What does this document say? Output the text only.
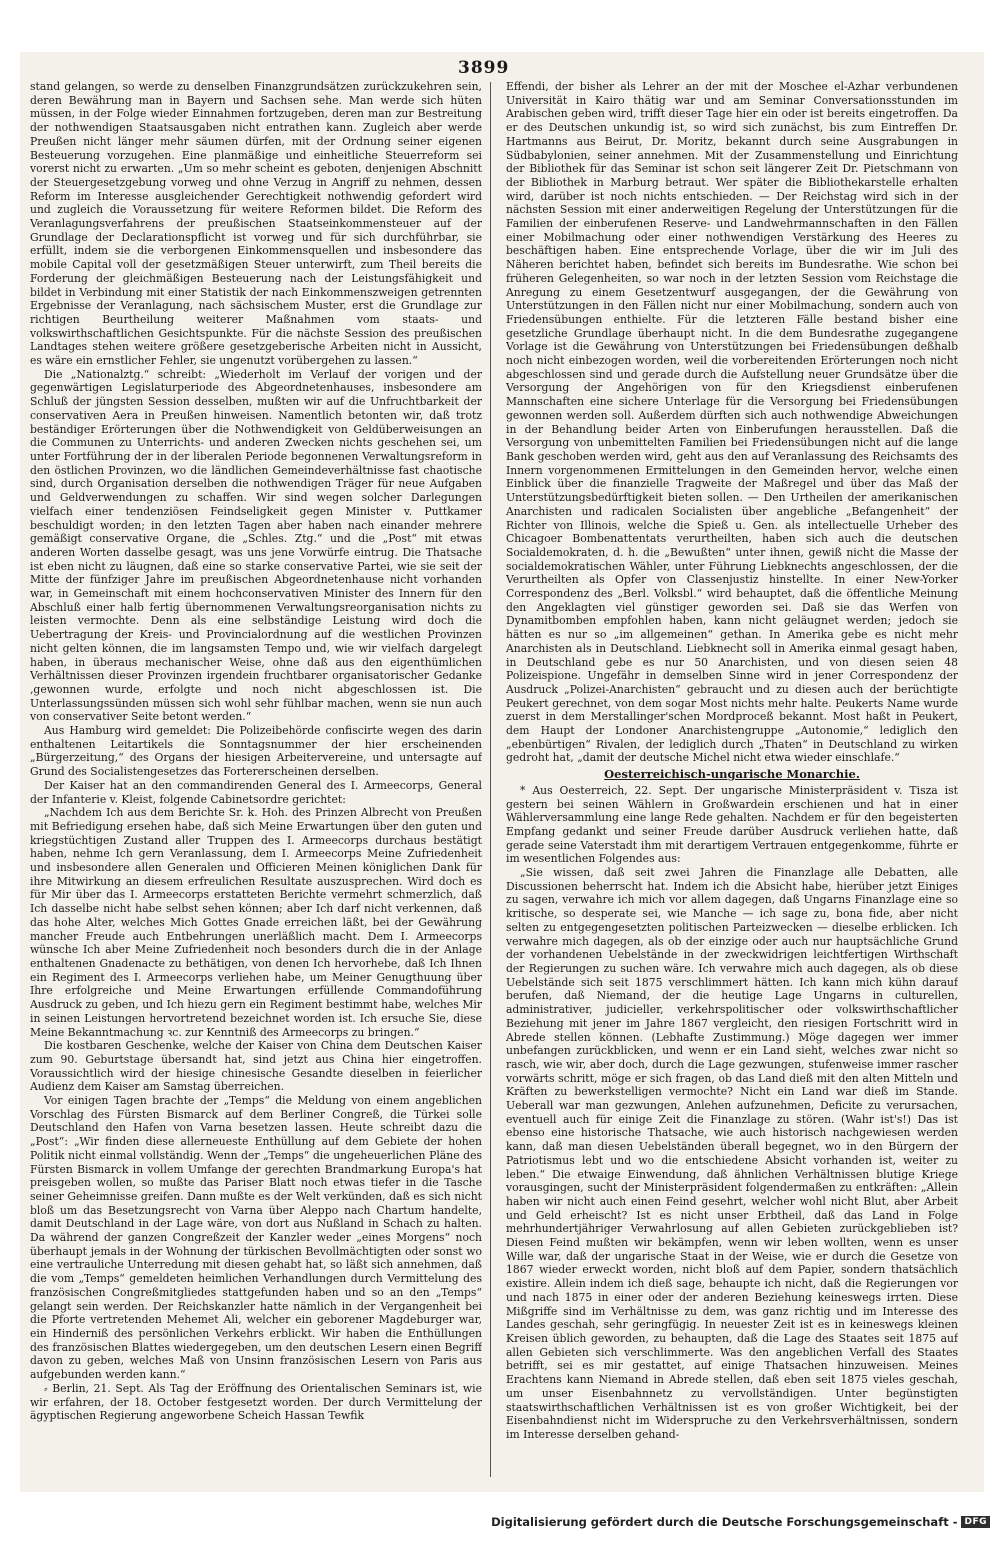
3899

stand gelangen, so werde zu denselben Finanzgrundsätzen zurückzukehren sein, deren Bewährung man in Bayern und Sachsen sehe. Man werde sich hüten müssen, in der Folge wieder Einnahmen fortzugeben, deren man zur Bestreitung der nothwendigen Staatsausgaben nicht entrathen kann. Zugleich aber werde Preußen nicht länger mehr säumen dürfen, mit der Ordnung seiner eigenen Besteuerung vorzugehen. Eine planmäßige und einheitliche Steuerreform sei vorerst nicht zu erwarten. „Um so mehr scheint es geboten, denjenigen Abschnitt der Steuergesetzgebung vorweg und ohne Verzug in Angriff zu nehmen, dessen Reform im Interesse ausgleichender Gerechtigkeit nothwendig gefordert wird und zugleich die Voraussetzung für weitere Reformen bildet. Die Reform des Veranlagungsverfahrens der preußischen Staatseinkommensteuer auf der Grundlage der Declarationspflicht ist vorweg und für sich durchführbar, sie erfüllt, indem sie die verborgenen Einkommensquellen und insbesondere das mobile Capital voll der gesetzmäßigen Steuer unterwirft, zum Theil bereits die Forderung der gleichmäßigen Besteuerung nach der Leistungsfähigkeit und bildet in Verbindung mit einer Statistik der nach Einkommenszweigen getrennten Ergebnisse der Veranlagung, nach sächsischem Muster, erst die Grundlage zur richtigen Beurtheilung weiterer Maßnahmen vom staats- und volkswirthschaftlichen Gesichtspunkte. Für die nächste Session des preußischen Landtages stehen weitere größere gesetzgeberische Arbeiten nicht in Aussicht, es wäre ein ernstlicher Fehler, sie ungenutzt vorübergehen zu lassen.“

Die „Nationalztg.“ schreibt: „Wiederholt im Verlauf der vorigen und der gegenwärtigen Legislaturperiode des Abgeordnetenhauses, insbesondere am Schluß der jüngsten Session desselben, mußten wir auf die Unfruchtbarkeit der conservativen Aera in Preußen hinweisen. Namentlich betonten wir, daß trotz beständiger Erörterungen über die Nothwendigkeit von Geldüberweisungen an die Communen zu Unterrichts- und anderen Zwecken nichts geschehen sei, um unter Fortführung der in der liberalen Periode begonnenen Verwaltungsreform in den östlichen Provinzen, wo die ländlichen Gemeindeverhältnisse fast chaotische sind, durch Organisation derselben die nothwendigen Träger für neue Aufgaben und Geldverwendungen zu schaffen. Wir sind wegen solcher Darlegungen vielfach einer tendenziösen Feindseligkeit gegen Minister v. Puttkamer beschuldigt worden; in den letzten Tagen aber haben nach einander mehrere gemäßigt conservative Organe, die „Schles. Ztg.“ und die „Post“ mit etwas anderen Worten dasselbe gesagt, was uns jene Vorwürfe eintrug. Die Thatsache ist eben nicht zu läugnen, daß eine so starke conservative Partei, wie sie seit der Mitte der fünfziger Jahre im preußischen Abgeordnetenhause nicht vorhanden war, in Gemeinschaft mit einem hochconservativen Minister des Innern für den Abschluß einer halb fertig übernommenen Verwaltungsreorganisation nichts zu leisten vermochte. Denn als eine selbständige Leistung wird doch die Uebertragung der Kreis- und Provincialordnung auf die westlichen Provinzen nicht gelten können, die im langsamsten Tempo und, wie wir vielfach dargelegt haben, in überaus mechanischer Weise, ohne daß aus den eigenthümlichen Verhältnissen dieser Provinzen irgendein fruchtbarer organisatorischer Gedanke ‚gewonnen wurde, erfolgte und noch nicht abgeschlossen ist. Die Unterlassungssünden müssen sich wohl sehr fühlbar machen, wenn sie nun auch von conservativer Seite betont werden.“

Aus Hamburg wird gemeldet: Die Polizeibehörde confiscirte wegen des darin enthaltenen Leitartikels die Sonntagsnummer der hier erscheinenden „Bürgerzeitung,“ des Organs der hiesigen Arbeitervereine, und untersagte auf Grund des Socialistengesetzes das Fortererscheinen derselben.

Der Kaiser hat an den commandirenden General des I. Armeecorps, General der Infanterie v. Kleist, folgende Cabinetsordre gerichtet:

„Nachdem Ich aus dem Berichte Sr. k. Hoh. des Prinzen Albrecht von Preußen mit Befriedigung ersehen habe, daß sich Meine Erwartungen über den guten und kriegstüchtigen Zustand aller Truppen des I. Armeecorps durchaus bestätigt haben, nehme Ich gern Veranlassung, dem I. Armeecorps Meine Zufriedenheit und insbesondere allen Generalen und Officieren Meinen königlichen Dank für ihre Mitwirkung an diesem erfreulichen Resultate auszusprechen. Wird doch es für Mir über das I. Armeecorps erstatteten Berichte vermehrt schmerzlich, daß Ich dasselbe nicht habe selbst sehen können; aber Ich darf nicht verkennen, daß das hohe Alter, welches Mich Gottes Gnade erreichen läßt, bei der Gewährung mancher Freude auch Entbehrungen unerläßlich macht. Dem I. Armeecorps wünsche Ich aber Meine Zufriedenheit noch besonders durch die in der Anlage enthaltenen Gnadenacte zu bethätigen, von denen Ich hervorhebe, daß Ich Ihnen ein Regiment des I. Armeecorps verliehen habe, um Meiner Genugthuung über Ihre erfolgreiche und Meine Erwartungen erfüllende Commandoführung Ausdruck zu geben, und Ich hiezu gern ein Regiment bestimmt habe, welches Mir in seinen Leistungen hervortretend bezeichnet worden ist. Ich ersuche Sie, diese Meine Bekanntmachung ꝛc. zur Kenntniß des Armeecorps zu bringen.“

Die kostbaren Geschenke, welche der Kaiser von China dem Deutschen Kaiser zum 90. Geburtstage übersandt hat, sind jetzt aus China hier eingetroffen. Voraussichtlich wird der hiesige chinesische Gesandte dieselben in feierlicher Audienz dem Kaiser am Samstag überreichen.

Vor einigen Tagen brachte der „Temps“ die Meldung von einem angeblichen Vorschlag des Fürsten Bismarck auf dem Berliner Congreß, die Türkei solle Deutschland den Hafen von Varna besetzen lassen. Heute schreibt dazu die „Post“: „Wir finden diese allerneueste Enthüllung auf dem Gebiete der hohen Politik nicht einmal vollständig. Wenn der „Temps“ die ungeheuerlichen Pläne des Fürsten Bismarck in vollem Umfange der gerechten Brandmarkung Europa's hat preisgeben wollen, so mußte das Pariser Blatt noch etwas tiefer in die Tasche seiner Geheimnisse greifen. Dann mußte es der Welt verkünden, daß es sich nicht bloß um das Besetzungsrecht von Varna über Aleppo nach Chartum handelte, damit Deutschland in der Lage wäre, von dort aus Nußland in Schach zu halten. Da während der ganzen Congreßzeit der Kanzler weder „eines Morgens“ noch überhaupt jemals in der Wohnung der türkischen Bevollmächtigten oder sonst wo eine vertrauliche Unterredung mit diesen gehabt hat, so läßt sich annehmen, daß die vom „Temps“ gemeldeten heimlichen Verhandlungen durch Vermittelung des französischen Congreßmitgliedes stattgefunden haben und so an den „Temps“ gelangt sein werden. Der Reichskanzler hatte nämlich in der Vergangenheit bei die Pforte vertretenden Mehemet Ali, welcher ein geborener Magdeburger war, ein Hinderniß des persönlichen Verkehrs erblickt. Wir haben die Enthüllungen des französischen Blattes wiedergegeben, um den deutschen Lesern einen Begriff davon zu geben, welches Maß von Unsinn französischen Lesern von Paris aus aufgebunden werden kann.“

⸗ Berlin, 21. Sept. Als Tag der Eröffnung des Orientalischen Seminars ist, wie wir erfahren, der 18. October festgesetzt worden. Der durch Vermittelung der ägyptischen Regierung angeworbene Scheich Hassan Tewfik

Effendi, der bisher als Lehrer an der mit der Moschee el-Azhar verbundenen Universität in Kairo thätig war und am Seminar Conversationsstunden im Arabischen geben wird, trifft dieser Tage hier ein oder ist bereits eingetroffen. Da er des Deutschen unkundig ist, so wird sich zunächst, bis zum Eintreffen Dr. Hartmanns aus Beirut, Dr. Moritz, bekannt durch seine Ausgrabungen in Südbabylonien, seiner annehmen. Mit der Zusammenstellung und Einrichtung der Bibliothek für das Seminar ist schon seit längerer Zeit Dr. Pietschmann von der Bibliothek in Marburg betraut. Wer später die Bibliothekarstelle erhalten wird, darüber ist noch nichts entschieden. — Der Reichstag wird sich in der nächsten Session mit einer anderweitigen Regelung der Unterstützungen für die Familien der einberufenen Reserve- und Landwehrmannschaften in den Fällen einer Mobilmachung oder einer nothwendigen Verstärkung des Heeres zu beschäftigen haben. Eine entsprechende Vorlage, über die wir im Juli des Näheren berichtet haben, befindet sich bereits im Bundesrathe. Wie schon bei früheren Gelegenheiten, so war noch in der letzten Session vom Reichstage die Anregung zu einem Gesetzentwurf ausgegangen, der die Gewährung von Unterstützungen in den Fällen nicht nur einer Mobilmachung, sondern auch von Friedensübungen enthielte. Für die letzteren Fälle bestand bisher eine gesetzliche Grundlage überhaupt nicht. In die dem Bundesrathe zugegangene Vorlage ist die Gewährung von Unterstützungen bei Friedensübungen deßhalb noch nicht einbezogen worden, weil die vorbereitenden Erörterungen noch nicht abgeschlossen sind und gerade durch die Aufstellung neuer Grundsätze über die Versorgung der Angehörigen von für den Kriegsdienst einberufenen Mannschaften eine sichere Unterlage für die Versorgung bei Friedensübungen gewonnen werden soll. Außerdem dürften sich auch nothwendige Abweichungen in der Behandlung beider Arten von Einberufungen herausstellen. Daß die Versorgung von unbemittelten Familien bei Friedensübungen nicht auf die lange Bank geschoben werden wird, geht aus den auf Veranlassung des Reichsamts des Innern vorgenommenen Ermittelungen in den Gemeinden hervor, welche einen Einblick über die finanzielle Tragweite der Maßregel und über das Maß der Unterstützungsbedürftigkeit bieten sollen. — Den Urtheilen der amerikanischen Anarchisten und radicalen Socialisten über angebliche „Befangenheit“ der Richter von Illinois, welche die Spieß u. Gen. als intellectuelle Urheber des Chicagoer Bombenattentats verurtheilten, haben sich auch die deutschen Socialdemokraten, d. h. die „Bewußten“ unter ihnen, gewiß nicht die Masse der socialdemokratischen Wähler, unter Führung Liebknechts angeschlossen, der die Verurtheilten als Opfer von Classenjustiz hinstellte. In einer New-Yorker Correspondenz des „Berl. Volksbl.“ wird behauptet, daß die öffentliche Meinung den Angeklagten viel günstiger geworden sei. Daß sie das Werfen von Dynamitbomben empfohlen haben, kann nicht geläugnet werden; jedoch sie hätten es nur so „im allgemeinen“ gethan. In Amerika gebe es nicht mehr Anarchisten als in Deutschland. Liebknecht soll in Amerika einmal gesagt haben, in Deutschland gebe es nur 50 Anarchisten, und von diesen seien 48 Polizeispione. Ungefähr in demselben Sinne wird in jener Correspondenz der Ausdruck „Polizei-Anarchisten“ gebraucht und zu diesen auch der berüchtigte Peukert gerechnet, von dem sogar Most nichts mehr halte. Peukerts Name wurde zuerst in dem Merstallinger'schen Mordproceß bekannt. Most haßt in Peukert, dem Haupt der Londoner Anarchistengruppe „Autonomie,“ lediglich den „ebenbürtigen“ Rivalen, der lediglich durch „Thaten“ in Deutschland zu wirken gedroht hat, „damit der deutsche Michel nicht etwa wieder einschlafe.“

Oesterreichisch-ungarische Monarchie.

* Aus Oesterreich, 22. Sept. Der ungarische Ministerpräsident v. Tisza ist gestern bei seinen Wählern in Großwardein erschienen und hat in einer Wählerversammlung eine lange Rede gehalten. Nachdem er für den begeisterten Empfang gedankt und seiner Freude darüber Ausdruck verliehen hatte, daß gerade seine Vaterstadt ihm mit derartigem Vertrauen entgegenkomme, führte er im wesentlichen Folgendes aus:

„Sie wissen, daß seit zwei Jahren die Finanzlage alle Debatten, alle Discussionen beherrscht hat. Indem ich die Absicht habe, hierüber jetzt Einiges zu sagen, verwahre ich mich vor allem dagegen, daß Ungarns Finanzlage eine so kritische, so desperate sei, wie Manche — ich sage zu, bona fide, aber nicht selten zu entgegengesetzten politischen Parteizwecken — dieselbe erblicken. Ich verwahre mich dagegen, als ob der einzige oder auch nur hauptsächliche Grund der vorhandenen Uebelstände in der zweckwidrigen leichtfertigen Wirthschaft der Regierungen zu suchen wäre. Ich verwahre mich auch dagegen, als ob diese Uebelstände sich seit 1875 verschlimmert hätten. Ich kann mich kühn darauf berufen, daß Niemand, der die heutige Lage Ungarns in culturellen, administrativer, judicieller, verkehrspolitischer oder volkswirthschaftlicher Beziehung mit jener im Jahre 1867 vergleicht, den riesigen Fortschritt wird in Abrede stellen können. (Lebhafte Zustimmung.) Möge dagegen wer immer unbefangen zurückblicken, und wenn er ein Land sieht, welches zwar nicht so rasch, wie wir, aber doch, durch die Lage gezwungen, stufenweise immer rascher vorwärts schritt, möge er sich fragen, ob das Land dieß mit den alten Mitteln und Kräften zu bewerkstelligen vermochte? Nicht ein Land war dieß im Stande. Ueberall war man gezwungen, Anlehen aufzunehmen, Deficite zu verursachen, eventuell auch für einige Zeit die Finanzlage zu stören. (Wahr ist's!) Das ist ebenso eine historische Thatsache, wie auch historisch nachgewiesen werden kann, daß man diesen Uebelständen überall begegnet, wo in den Bürgern der Patriotismus lebt und wo die entschiedene Absicht vorhanden ist, weiter zu leben.“ Die etwaige Einwendung, daß ähnlichen Verhältnissen blutige Kriege vorausgingen, sucht der Ministerpräsident folgendermaßen zu entkräften: „Allein haben wir nicht auch einen Feind gesehrt, welcher wohl nicht Blut, aber Arbeit und Geld erheischt? Ist es nicht unser Erbtheil, daß das Land in Folge mehrhundertjähriger Verwahrlosung auf allen Gebieten zurückgeblieben ist? Diesen Feind mußten wir bekämpfen, wenn wir leben wollten, wenn es unser Wille war, daß der ungarische Staat in der Weise, wie er durch die Gesetze von 1867 wieder erweckt worden, nicht bloß auf dem Papier, sondern thatsächlich existire. Allein indem ich dieß sage, behaupte ich nicht, daß die Regierungen vor und nach 1875 in einer oder der anderen Beziehung keineswegs irrten. Diese Mißgriffe sind im Verhältnisse zu dem, was ganz richtig und im Interesse des Landes geschah, sehr geringfügig. In neuester Zeit ist es in keineswegs kleinen Kreisen üblich geworden, zu behaupten, daß die Lage des Staates seit 1875 auf allen Gebieten sich verschlimmerte. Was den angeblichen Verfall des Staates betrifft, sei es mir gestattet, auf einige Thatsachen hinzuweisen. Meines Erachtens kann Niemand in Abrede stellen, daß eben seit 1875 vieles geschah, um unser Eisenbahnnetz zu vervollständigen. Unter begünstigten staatswirthschaftlichen Verhältnissen ist es von großer Wichtigkeit, bei der Eisenbahndienst nicht im Widerspruche zu den Verkehrsverhältnissen, sondern im Interesse derselben gehand-

Digitalisierung gefördert durch die Deutsche Forschungsgemeinschaft - DFG
